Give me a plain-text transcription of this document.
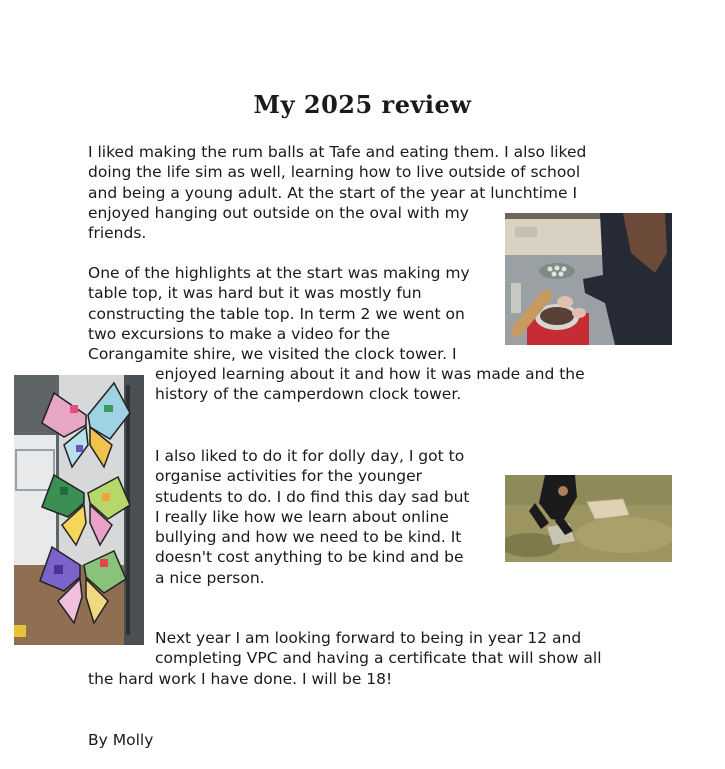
My 2025 review

I liked making the rum balls at Tafe and eating them. I also liked
doing the life sim as well, learning how to live outside of school
and being a young adult. At the start of the year at lunchtime I
enjoyed hanging out outside on the oval with my
friends.

One of the highlights at the start was making my
table top, it was hard but it was mostly fun
constructing the table top. In term 2 we went on
two excursions to make a video for the
Corangamite shire, we visited the clock tower. I

enjoyed learning about it and how it was made and the
history of the camperdown clock tower.

I also liked to do it for dolly day, I got to
organise activities for the younger
students to do. I do find this day sad but
I really like how we learn about online
bullying and how we need to be kind. It
doesn't cost anything to be kind and be
a nice person.

Next year I am looking forward to being in year 12 and
completing VPC and having a certificate that will show all

the hard work I have done. I will be 18!

By Molly
